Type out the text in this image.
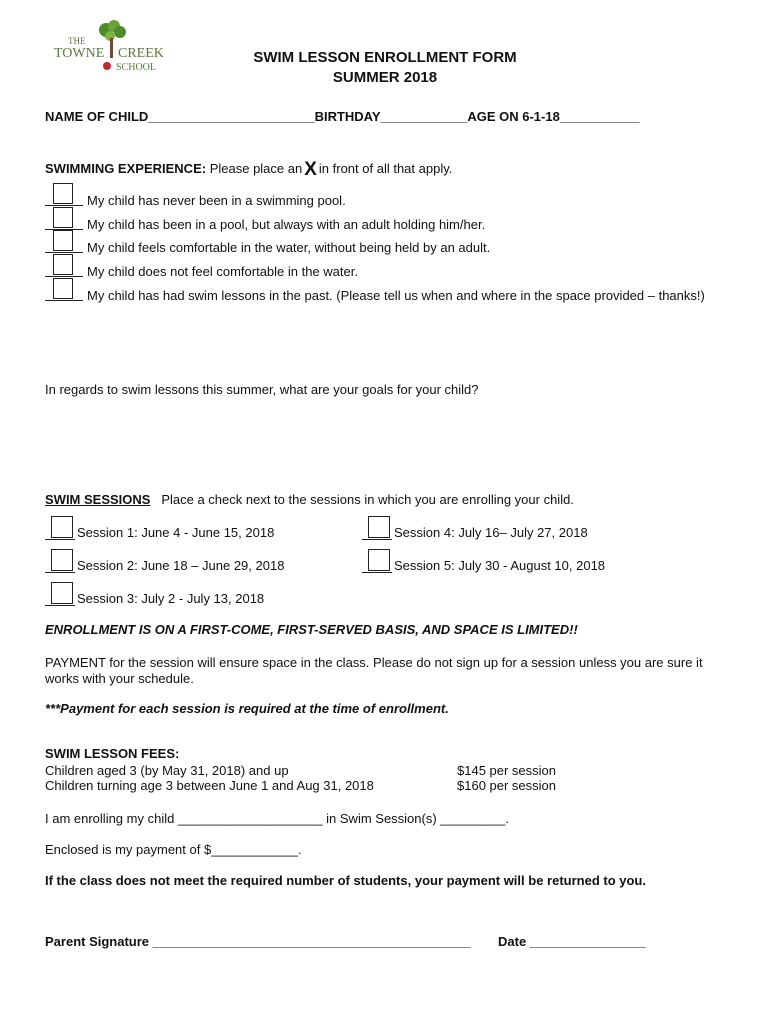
THE
TOWNE CREEK
SCHOOL
SWIM LESSON ENROLLMENT FORM
SUMMER 2018
NAME OF CHILD_______________________BIRTHDAY____________AGE ON 6-1-18___________
SWIMMING EXPERIENCE: Please place an X in front of all that apply.
My child has never been in a swimming pool.
My child has been in a pool, but always with an adult holding him/her.
My child feels comfortable in the water, without being held by an adult.
My child does not feel comfortable in the water.
My child has had swim lessons in the past. (Please tell us when and where in the space provided – thanks!)
In regards to swim lessons this summer, what are your goals for your child?
SWIM SESSIONS Place a check next to the sessions in which you are enrolling your child.
Session 1: June 4 - June 15, 2018
Session 2: June 18 – June 29, 2018
Session 3: July 2 - July 13, 2018
Session 4: July 16– July 27, 2018
Session 5: July 30 - August 10, 2018
ENROLLMENT IS ON A FIRST-COME, FIRST-SERVED BASIS, AND SPACE IS LIMITED!!
PAYMENT for the session will ensure space in the class. Please do not sign up for a session unless you are sure it
works with your schedule.
***Payment for each session is required at the time of enrollment.
SWIM LESSON FEES:
Children aged 3 (by May 31, 2018) and up	$145 per session
Children turning age 3 between June 1 and Aug 31, 2018	$160 per session
I am enrolling my child ____________________ in Swim Session(s) _________.
Enclosed is my payment of $____________.
If the class does not meet the required number of students, your payment will be returned to you.
Parent Signature ____________________________________________ Date ________________
